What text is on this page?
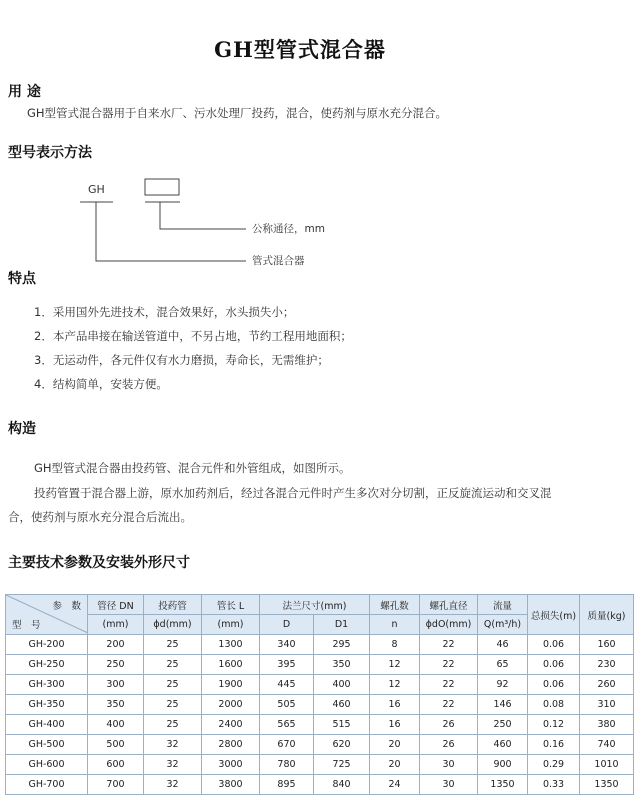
GH型管式混合器
用 途
GH型管式混合器用于自来水厂、污水处理厂投药，混合，使药剂与原水充分混合。
型号表示方法
GH
公称通径，mm
管式混合器
特点
1．采用国外先进技术，混合效果好，水头损失小；
2．本产品串接在输送管道中，不另占地，节约工程用地面积；
3．无运动件，各元件仅有水力磨损，寿命长，无需维护；
4．结构简单，安装方便。
构造
GH型管式混合器由投药管、混合元件和外管组成，如图所示。
投药管置于混合器上游，原水加药剂后，经过各混合元件时产生多次对分切割，正反旋流运动和交叉混
合，使药剂与原水充分混合后流出。
主要技术参数及安装外形尺寸
参　数
型　号	管径 DN	投药管	管长 L	法兰尺寸(mm)		螺孔数	螺孔直径	流量	总损失(m)	质量(kg)
	(mm)	ϕd(mm)	(mm)	D	D1	n	ϕdO(mm)	Q(m³/h)		
GH-200	200	25	1300	340	295	8	22	46	0.06	160
GH-250	250	25	1600	395	350	12	22	65	0.06	230
GH-300	300	25	1900	445	400	12	22	92	0.06	260
GH-350	350	25	2000	505	460	16	22	146	0.08	310
GH-400	400	25	2400	565	515	16	26	250	0.12	380
GH-500	500	32	2800	670	620	20	26	460	0.16	740
GH-600	600	32	3000	780	725	20	30	900	0.29	1010
GH-700	700	32	3800	895	840	24	30	1350	0.33	1350
